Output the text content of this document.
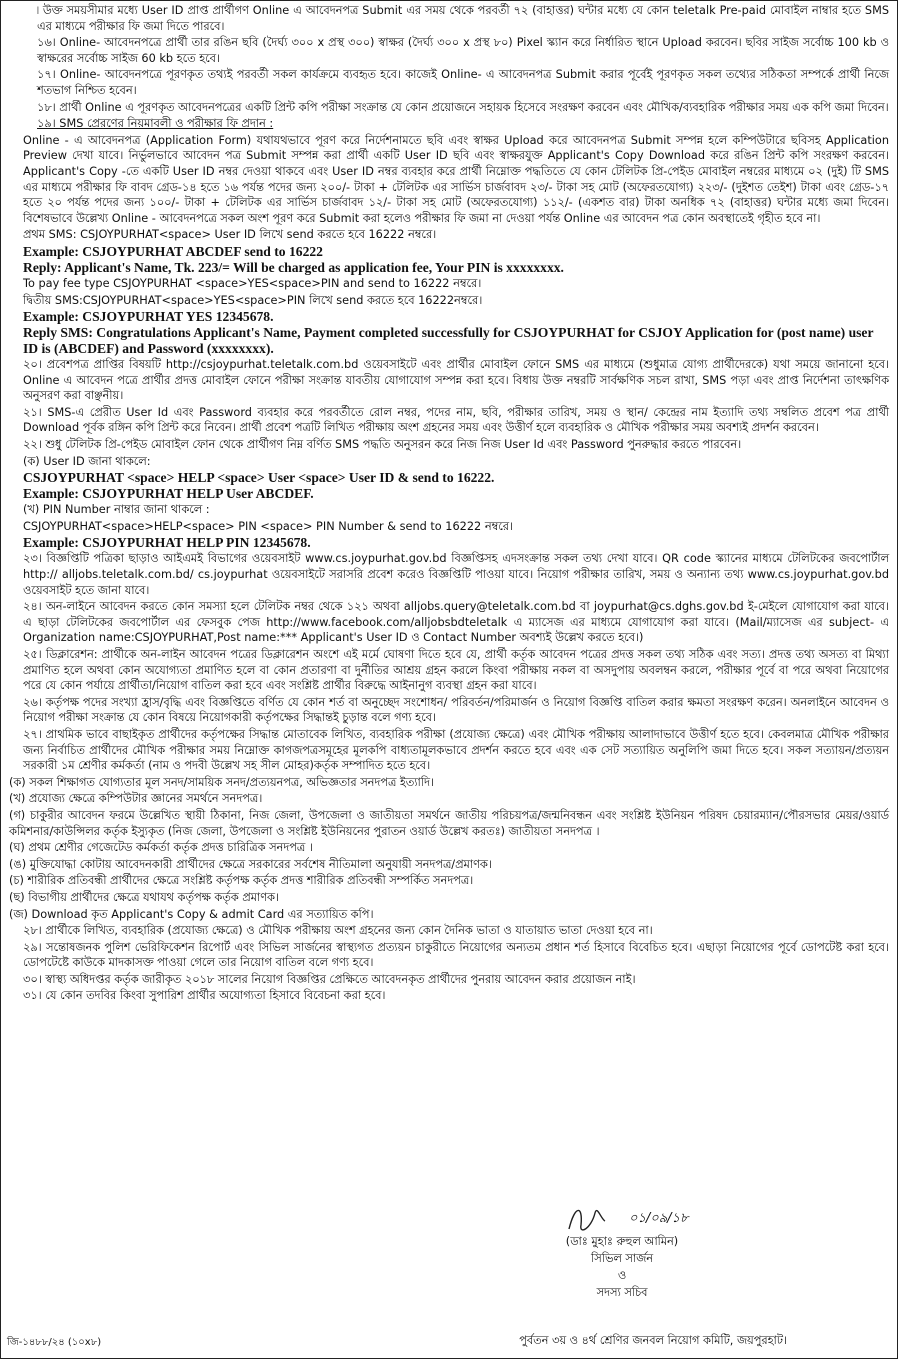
৷ উক্ত সময়সীমার মধ্যে User ID প্রাপ্ত প্রার্থীগণ Online এ আবেদনপত্র Submit এর সময় থেকে পরবর্তী ৭২ (বাহাত্তর) ঘন্টার মধ্যে যে কোন teletalk Pre-paid মোবাইল নাম্বার হতে SMS এর মাধ্যমে পরীক্ষার ফি জমা দিতে পারবে।

১৬। Online- আবেদনপত্রে প্রার্থী তার রঙিন ছবি (দৈর্ঘ্য ৩০০ x প্রস্থ ৩০০) স্বাক্ষর (দৈর্ঘ্য ৩০০ x প্রস্থ ৮০) Pixel স্ক্যান করে নির্ধারিত স্থানে Upload করবেন। ছবির সাইজ সর্বোচ্চ 100 kb ও স্বাক্ষরের সর্বোচ্চ সাইজ 60 kb হতে হবে।

১৭। Online- আবেদনপত্রে পূরণকৃত তথ্যই পরবর্তী সকল কার্যক্রমে ব্যবহৃত হবে। কাজেই Online- এ আবেদনপত্র Submit করার পূর্বেই পূরণকৃত সকল তথ্যের সঠিকতা সম্পর্কে প্রার্থী নিজে শতভাগ নিশ্চিত হবেন।

১৮। প্রার্থী Online এ পূরণকৃত আবেদনপত্রের একটি প্রিন্ট কপি পরীক্ষা সংক্রান্ত যে কোন প্রয়োজনে সহায়ক হিসেবে সংরক্ষণ করবেন এবং মৌখিক/ব্যবহারিক পরীক্ষার সময় এক কপি জমা দিবেন।

১৯। SMS প্রেরণের নিয়মাবলী ও পরীক্ষার ফি প্রদান :

Online - এ আবেদনপত্র (Application Form) যথাযথভাবে পূরণ করে নির্দেশনামতে ছবি এবং স্বাক্ষর Upload করে আবেদনপত্র Submit সম্পন্ন হলে কম্পিউটারে ছবিসহ Application Preview দেখা যাবে। নির্ভুলভাবে আবেদন পত্র Submit সম্পন্ন করা প্রার্থী একটি User ID ছবি এবং স্বাক্ষরযুক্ত Applicant's Copy Download করে রঙিন প্রিন্ট কপি সংরক্ষণ করবেন। Applicant's Copy -তে একটি User ID নম্বর দেওয়া থাকবে এবং User ID নম্বর ব্যবহার করে প্রার্থী নিম্নোক্ত পদ্ধতিতে যে কোন টেলিটক প্রি-পেইড মোবাইল নম্বরের মাধ্যমে ০২ (দুই) টি SMS এর মাধ্যমে পরীক্ষার ফি বাবদ গ্রেড-১৪ হতে ১৬ পর্যন্ত পদের জন্য ২০০/- টাকা + টেলিটক এর সার্ভিস চার্জবাবদ ২৩/- টাকা সহ মোট (অফেরতযোগ্য) ২২৩/- (দুইশত তেইশ) টাকা এবং গ্রেড-১৭ হতে ২০ পর্যন্ত পদের জন্য ১০০/- টাকা + টেলিটক এর সার্ভিস চার্জবাবদ ১২/- টাকা সহ মোট (অফেরতযোগ্য) ১১২/- (একশত বার) টাকা অনধিক ৭২ (বাহাত্তর) ঘন্টার মধ্যে জমা দিবেন। বিশেষভাবে উল্লেখ্য Online - আবেদনপত্রে সকল অংশ পূরণ করে Submit করা হলেও পরীক্ষার ফি জমা না দেওয়া পর্যন্ত Online এর আবেদন পত্র কোন অবস্থাতেই গৃহীত হবে না।

প্রথম SMS: CSJOYPURHAT<space> User ID লিখে send করতে হবে 16222 নম্বরে।

Example: CSJOYPURHAT ABCDEF send to 16222

Reply: Applicant's Name, Tk. 223/= Will be charged as application fee, Your PIN is xxxxxxxx.

To pay fee type CSJOYPURHAT <space>YES<space>PIN and send to 16222 নম্বরে।

দ্বিতীয় SMS:CSJOYPURHAT<space>YES<space>PIN লিখে send করতে হবে 16222নম্বরে।

Example: CSJOYPURHAT YES 12345678.

Reply SMS: Congratulations Applicant's Name, Payment completed successfully for CSJOYPURHAT for CSJOY Application for (post name) user ID is (ABCDEF) and Password (xxxxxxxx).

২০। প্রবেশপত্র প্রাপ্তির বিষয়টি http://csjoypurhat.teletalk.com.bd ওয়েবসাইটে এবং প্রার্থীর মোবাইল ফোনে SMS এর মাধ্যমে (শুধুমাত্র যোগ্য প্রার্থীদেরকে) যথা সময়ে জানানো হবে। Online এ আবেদন পত্রে প্রার্থীর প্রদত্ত মোবাইল ফোনে পরীক্ষা সংক্রান্ত যাবতীয় যোগাযোগ সম্পন্ন করা হবে। বিধায় উক্ত নম্বরটি সার্বক্ষণিক সচল রাখা, SMS পড়া এবং প্রাপ্ত নির্দেশনা তাৎক্ষণিক অনুসরণ করা বাঞ্ছনীয়।

২১। SMS-এ প্রেরীত User Id এবং Password ব্যবহার করে পরবর্তীতে রোল নম্বর, পদের নাম, ছবি, পরীক্ষার তারিখ, সময় ও স্থান/ কেন্দ্রের নাম ইত্যাদি তথ্য সম্বলিত প্রবেশ পত্র প্রার্থী Download পূর্বক রঙ্গিন কপি প্রিন্ট করে নিবেন। প্রার্থী প্রবেশ পত্রটি লিখিত পরীক্ষায় অংশ গ্রহনের সময় এবং উত্তীর্ণ হলে ব্যবহারিক ও মৌখিক পরীক্ষার সময় অবশ্যই প্রদর্শন করবেন।

২২। শুধু টেলিটক প্রি-পেইড মোবাইল ফোন থেকে প্রার্থীগণ নিম্ন বর্ণিত SMS পদ্ধতি অনুসরন করে নিজ নিজ User Id এবং Password পুনরুদ্ধার করতে পারবেন।

(ক) User ID জানা থাকলে:

CSJOYPURHAT <space> HELP <space> User <space> User ID & send to 16222.

Example: CSJOYPURHAT HELP User ABCDEF.

(খ) PIN Number নাম্বার জানা থাকলে :

CSJOYPURHAT<space>HELP<space> PIN <space> PIN Number & send to 16222 নম্বরে।

Example: CSJOYPURHAT HELP PIN 12345678.

২৩। বিজ্ঞপ্তিটি পত্রিকা ছাড়াও আইএমই বিভাগের ওয়েবসাইট www.cs.joypurhat.gov.bd বিজ্ঞপ্তিসহ এদসংক্রান্ত সকল তথ্য দেখা যাবে। QR code স্ক্যানের মাধ্যমে টেলিটকের জবপোর্টাল http:// alljobs.teletalk.com.bd/ cs.joypurhat ওয়েবসাইটে সরাসরি প্রবেশ করেও বিজ্ঞপ্তিটি পাওয়া যাবে। নিয়োগ পরীক্ষার তারিখ, সময় ও অন্যান্য তথ্য www.cs.joypurhat.gov.bd ওয়েবসাইট হতে জানা যাবে।

২৪। অন-লাইনে আবেদন করতে কোন সমস্যা হলে টেলিটক নম্বর থেকে ১২১ অথবা alljobs.query@teletalk.com.bd বা joypurhat@cs.dghs.gov.bd ই-মেইলে যোগাযোগ করা যাবে। এ ছাড়া টেলিটকের জবপোর্টাল এর ফেসবুক পেজ http://www.facebook.com/alljobsbdteletalk এ ম্যাসেজ এর মাধ্যমে যোগাযোগ করা যাবে। (Mail/ম্যাসেজ এর subject- এ Organization name:CSJOYPURHAT,Post name:*** Applicant's User ID ও Contact Number অবশ্যই উল্লেখ করতে হবে।)

২৫। ডিক্লারেশন: প্রার্থীকে অন-লাইন আবেদন পত্রের ডিক্লারেশন অংশে এই মর্মে ঘোষণা দিতে হবে যে, প্রার্থী কর্তৃক আবেদন পত্রের প্রদত্ত সকল তথ্য সঠিক এবং সত্য। প্রদত্ত তথ্য অসত্য বা মিথ্যা প্রমাণিত হলে অথবা কোন অযোগ্যতা প্রমাণিত হলে বা কোন প্রতারণা বা দুর্নীতির আশ্রয় গ্রহন করলে কিংবা পরীক্ষায় নকল বা অসদুপায় অবলম্বন করলে, পরীক্ষার পূর্বে বা পরে অথবা নিয়োগের পরে যে কোন পর্যায়ে প্রার্থীতা/নিয়োগ বাতিল করা হবে এবং সংশ্লিষ্ট প্রার্থীর বিরুদ্ধে আইনানুগ ব্যবস্থা গ্রহন করা যাবে।

২৬। কর্তৃপক্ষ পদের সংখ্যা হ্রাস/বৃদ্ধি এবং বিজ্ঞপ্তিতে বর্ণিত যে কোন শর্ত বা অনুচ্ছেদ সংশোধন/ পরিবর্তন/পরিমার্জন ও নিয়োগ বিজ্ঞপ্তি বাতিল করার ক্ষমতা সংরক্ষণ করেন। অনলাইনে আবেদন ও নিয়োগ পরীক্ষা সংক্রান্ত যে কোন বিষয়ে নিয়োগকারী কর্তৃপক্ষের সিদ্ধান্তই চুড়ান্ত বলে গণ্য হবে।

২৭। প্রাথমিক ভাবে বাছাইকৃত প্রার্থীদের কর্তৃপক্ষের সিদ্ধান্ত মোতাবেক লিখিত, ব্যবহারিক পরীক্ষা (প্রযোজ্য ক্ষেত্রে) এবং মৌখিক পরীক্ষায় আলাদাভাবে উত্তীর্ণ হতে হবে। কেবলমাত্র মৌখিক পরীক্ষার জন্য নির্বাচিত প্রার্থীদের মৌখিক পরীক্ষার সময় নিম্নোক্ত কাগজপত্রসমূহের মূলকপি বাধ্যতামূলকভাবে প্রদর্শন করতে হবে এবং এক সেট সত্যায়িত অনুলিপি জমা দিতে হবে। সকল সত্যায়ন/প্রত্যয়ন সরকারী ১ম শ্রেণীর কর্মকর্তা (নাম ও পদবী উল্লেখ সহ সীল মোহর)কর্তৃক সম্পাদিত হতে হবে।

(ক) সকল শিক্ষাগত যোগ্যতার মূল সনদ/সাময়িক সনদ/প্রত্যয়নপত্র, অভিজ্ঞতার সনদপত্র ইত্যাদি।

(খ) প্রযোজ্য ক্ষেত্রে কম্পিউটার জ্ঞানের সমর্থনে সনদপত্র।

(গ) চাকুরীর আবেদন ফরমে উল্লেখিত স্থায়ী ঠিকানা, নিজ জেলা, উপজেলা ও জাতীয়তা সমর্থনে জাতীয় পরিচয়পত্র/জন্মনিবন্ধন এবং সংশ্লিষ্ট ইউনিয়ন পরিষদ চেয়ারম্যান/পৌরসভার মেয়র/ওয়ার্ড কমিশনার/কাউন্সিলর কর্তৃক ইস্যুকৃত (নিজ জেলা, উপজেলা ও সংশ্লিষ্ট ইউনিয়নের পুরাতন ওয়ার্ড উল্লেখ করতঃ) জাতীয়তা সনদপত্র ।

(ঘ) প্রথম শ্রেণীর গেজেটেড কর্মকর্তা কর্তৃক প্রদত্ত চারিত্রিক সনদপত্র ।

(ঙ) মুক্তিযোদ্ধা কোটায় আবেদনকারী প্রার্থীদের ক্ষেত্রে সরকারের সর্বশেষ নীতিমালা অনুযায়ী সনদপত্র/প্রমাণক।

(চ) শারীরিক প্রতিবন্ধী প্রার্থীদের ক্ষেত্রে সংশ্লিষ্ট কর্তৃপক্ষ কর্তৃক প্রদত্ত শারীরিক প্রতিবন্ধী সম্পর্কিত সনদপত্র।

(ছ) বিভাগীয় প্রার্থীদের ক্ষেত্রে যথাযথ কর্তৃপক্ষ কর্তৃক প্রমাণক।

(জ) Download কৃত Applicant's Copy & admit Card এর সত্যায়িত কপি।

২৮। প্রার্থীকে লিখিত, ব্যবহারিক (প্রযোজ্য ক্ষেত্রে) ও মৌখিক পরীক্ষায় অংশ গ্রহনের জন্য কোন দৈনিক ভাতা ও যাতায়াত ভাতা দেওয়া হবে না।

২৯। সন্তোষজনক পুলিশ ভেরিফিকেশন রিপোর্ট এবং সিভিল সার্জনের স্বাস্থ্যগত প্রত্যয়ন চাকুরীতে নিয়োগের অন্যতম প্রধান শর্ত হিসাবে বিবেচিত হবে। এছাড়া নিয়োগের পূর্বে ডোপটেষ্ট করা হবে। ডোপটেষ্টে কাউকে মাদকাসক্ত পাওয়া গেলে তার নিয়োগ বাতিল বলে গণ্য হবে।

৩০। স্বাস্থ্য অধিদপ্তর কর্তৃক জারীকৃত ২০১৮ সালের নিয়োগ বিজ্ঞপ্তির প্রেক্ষিতে আবেদনকৃত প্রার্থীদের পুনরায় আবেদন করার প্রয়োজন নাই।

৩১। যে কোন তদবির কিংবা সুপারিশ প্রার্থীর অযোগ্যতা হিসাবে বিবেচনা করা হবে।

০১/০৯/১৮
(ডাঃ মুহাঃ রুহুল আমিন)
সিভিল সার্জন
ও
সদস্য সচিব
পুর্বতন ৩য় ও ৪র্থ শ্রেণির জনবল নিয়োগ কমিটি, জয়পুরহাট।
জি-১৪৮৮/২৪ (১০x৮)
